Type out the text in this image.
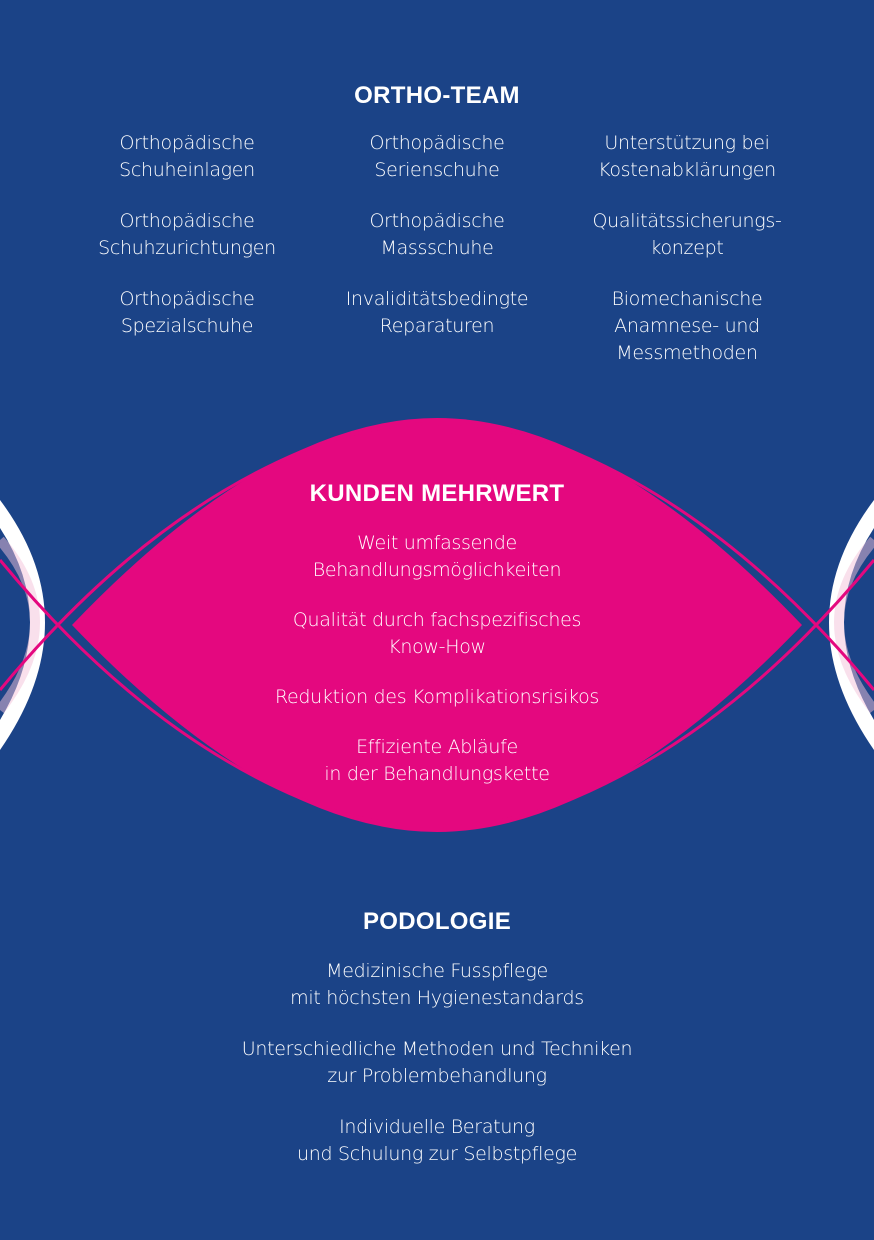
ORTHO-TEAM
Orthopädische
Schuheinlagen
Orthopädische
Serienschuhe
Unterstützung bei
Kostenabklärungen
Orthopädische
Schuhzurichtungen
Orthopädische
Massschuhe
Qualitätssicherungs-
konzept
Orthopädische
Spezialschuhe
Invaliditätsbedingte
Reparaturen
Biomechanische
Anamnese- und
Messmethoden
KUNDEN MEHRWERT
Weit umfassende
Behandlungsmöglichkeiten
Qualität durch fachspezifisches
Know-How
Reduktion des Komplikationsrisikos
Effiziente Abläufe
in der Behandlungskette
PODOLOGIE
Medizinische Fusspflege
mit höchsten Hygienestandards
Unterschiedliche Methoden und Techniken
zur Problembehandlung
Individuelle Beratung
und Schulung zur Selbstpflege
